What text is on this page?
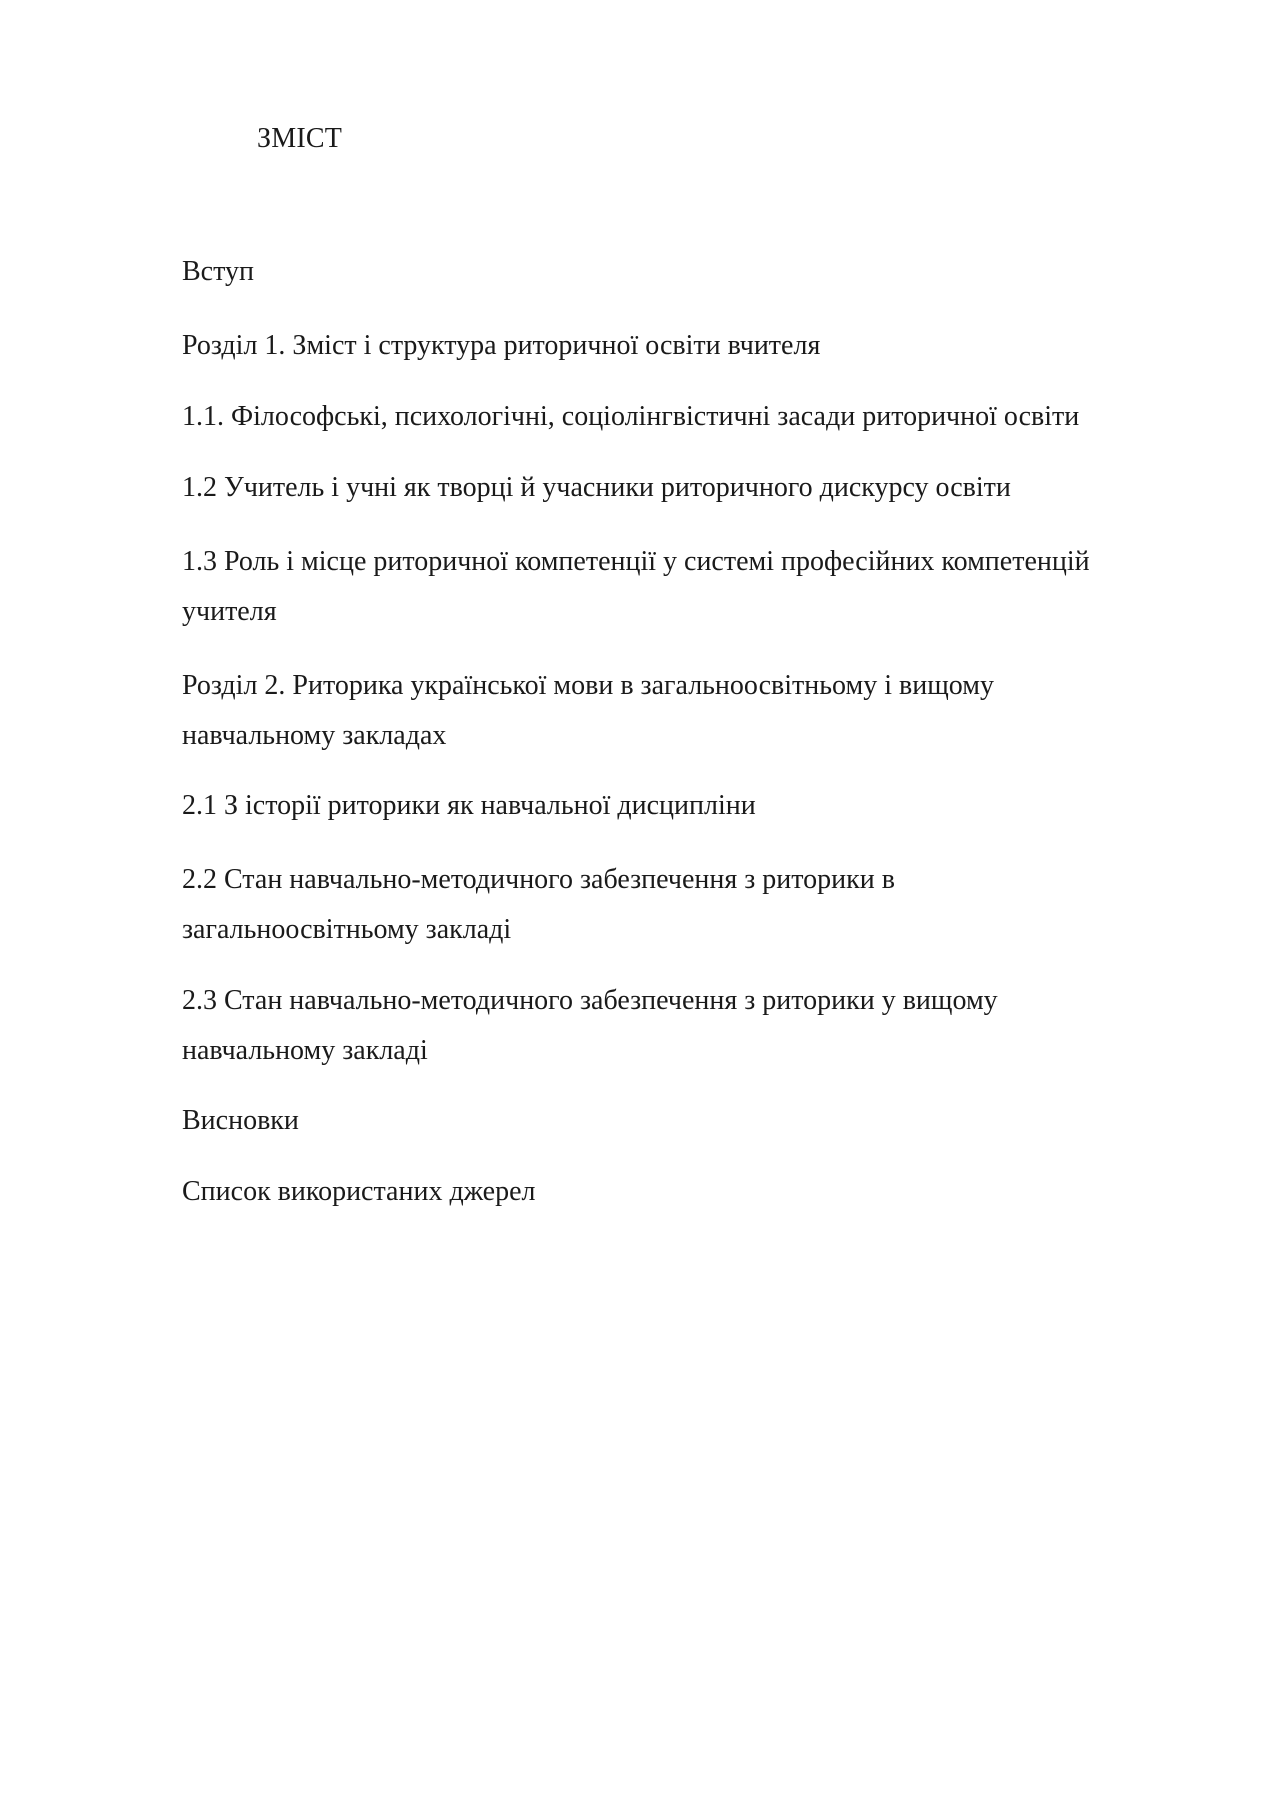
ЗМІСТ
Вступ
Розділ 1. Зміст і структура риторичної освіти вчителя
1.1. Філософські, психологічні, соціолінгвістичні засади риторичної освіти
1.2 Учитель і учні як творці й учасники риторичного дискурсу освіти
1.3 Роль і місце риторичної компетенції у системі професійних компетенцій
учителя
Розділ 2. Риторика української мови в загальноосвітньому і вищому
навчальному закладах
2.1 З історії риторики як навчальної дисципліни
2.2 Стан навчально-методичного забезпечення з риторики в
загальноосвітньому закладі
2.3 Стан навчально-методичного забезпечення з риторики у вищому
навчальному закладі
Висновки
Список використаних джерел
